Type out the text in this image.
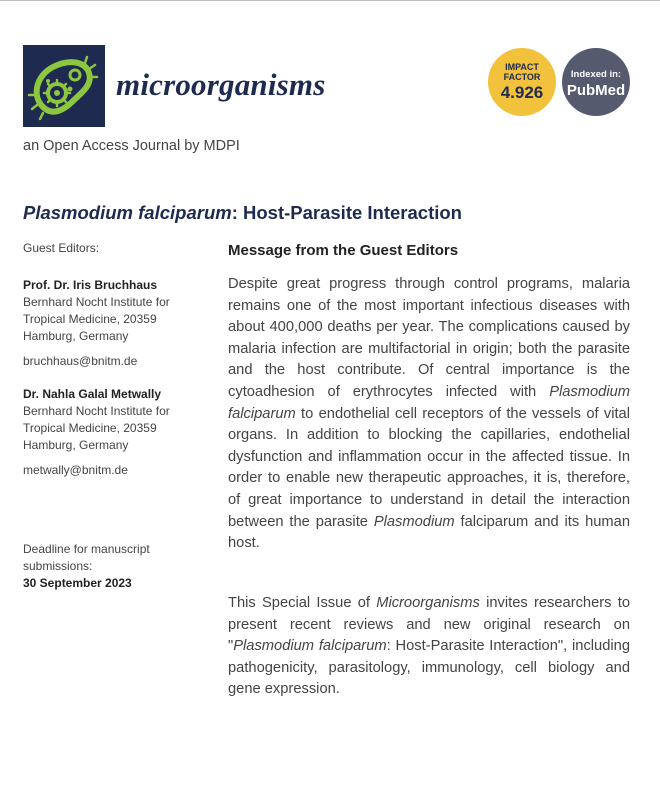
microorganisms
an Open Access Journal by MDPI
IMPACT
FACTOR
4.926
Indexed in:
PubMed
Plasmodium falciparum: Host-Parasite Interaction
Guest Editors:
Prof. Dr. Iris Bruchhaus
Bernhard Nocht Institute for
Tropical Medicine, 20359
Hamburg, Germany
bruchhaus@bnitm.de
Dr. Nahla Galal Metwally
Bernhard Nocht Institute for
Tropical Medicine, 20359
Hamburg, Germany
metwally@bnitm.de
Deadline for manuscript
submissions:
30 September 2023
Message from the Guest Editors
Despite great progress through control programs, malaria remains one of the most important infectious diseases with about 400,000 deaths per year. The complications caused by malaria infection are multifactorial in origin; both the parasite and the host contribute. Of central importance is the cytoadhesion of erythrocytes infected with Plasmodium falciparum to endothelial cell receptors of the vessels of vital organs. In addition to blocking the capillaries, endothelial dysfunction and inflammation occur in the affected tissue. In order to enable new therapeutic approaches, it is, therefore, of great importance to understand in detail the interaction between the parasite Plasmodium falciparum and its human host.
This Special Issue of Microorganisms invites researchers to present recent reviews and new original research on "Plasmodium falciparum: Host-Parasite Interaction", including pathogenicity, parasitology, immunology, cell biology and gene expression.
